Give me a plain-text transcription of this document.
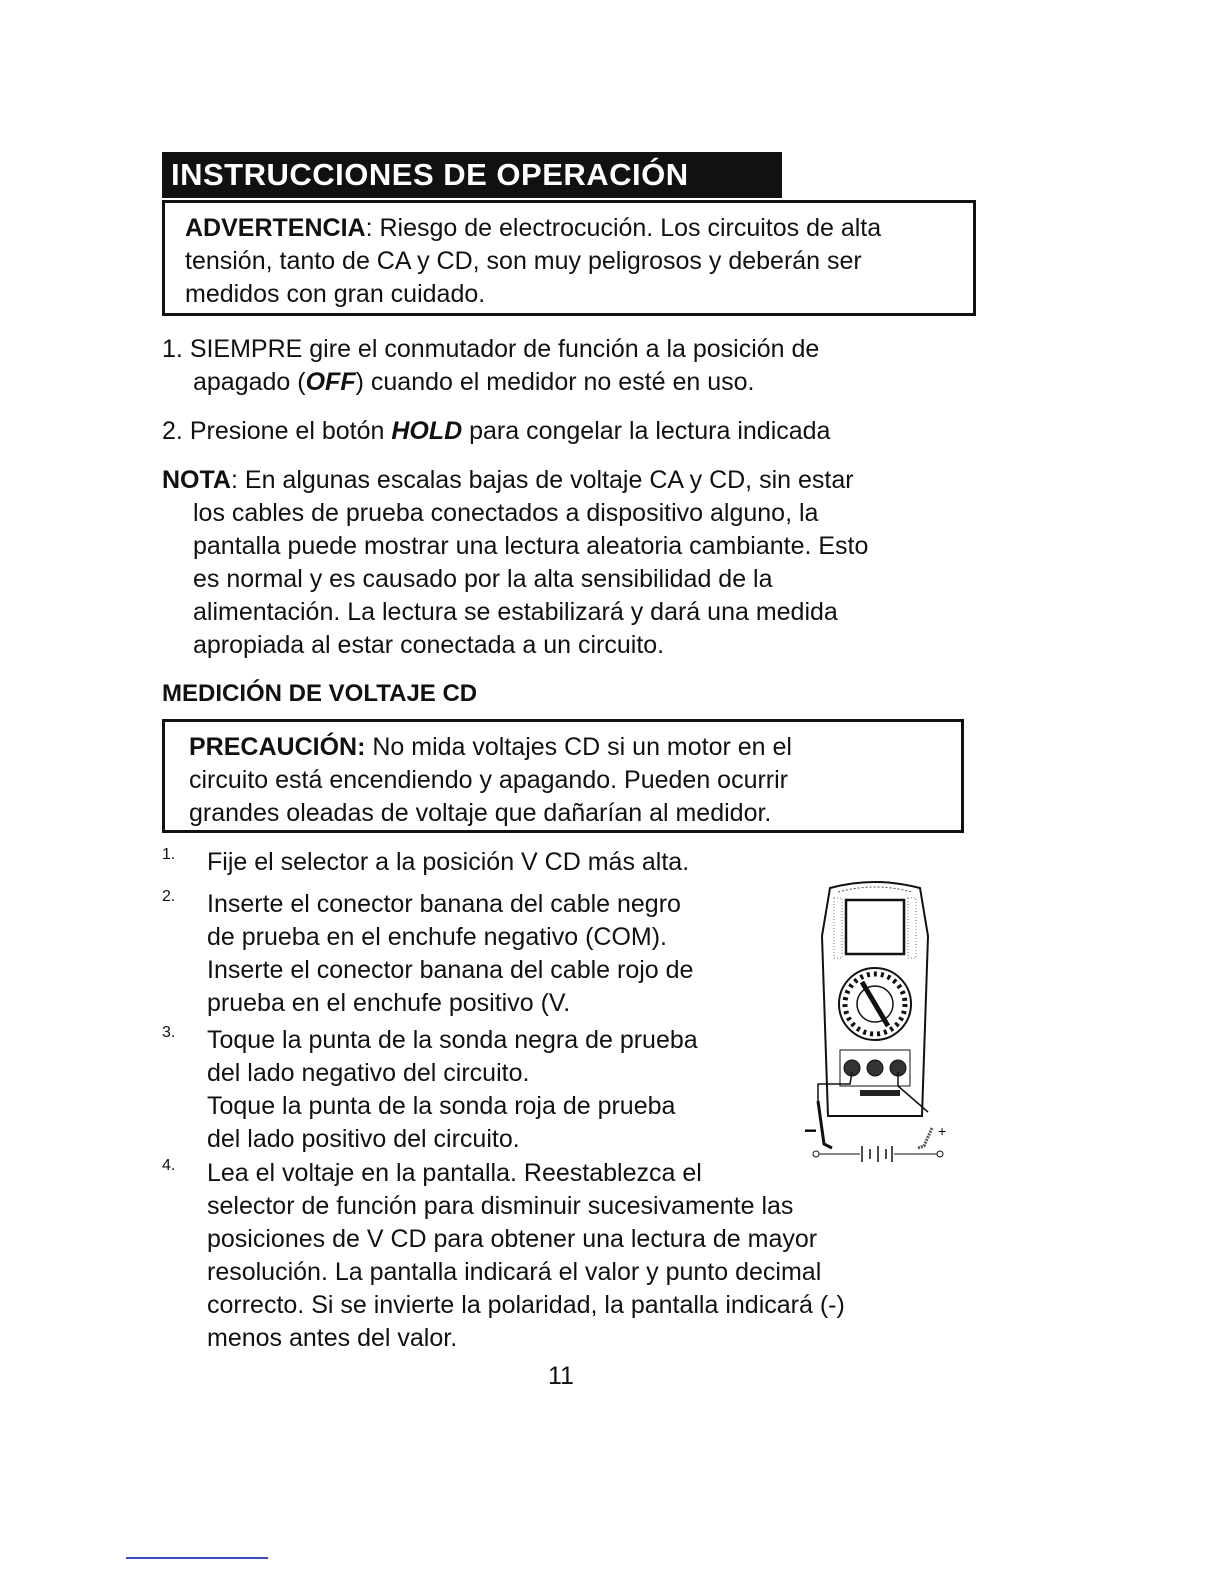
INSTRUCCIONES DE OPERACIÓN
ADVERTENCIA: Riesgo de electrocución. Los circuitos de alta
tensión, tanto de CA y CD, son muy peligrosos y deberán ser
medidos con gran cuidado.
1. SIEMPRE gire el conmutador de función a la posición de
apagado (OFF) cuando el medidor no esté en uso.
2. Presione el botón HOLD para congelar la lectura indicada
NOTA: En algunas escalas bajas de voltaje CA y CD, sin estar
los cables de prueba conectados a dispositivo alguno, la
pantalla puede mostrar una lectura aleatoria cambiante. Esto
es normal y es causado por la alta sensibilidad de la
alimentación. La lectura se estabilizará y dará una medida
apropiada al estar conectada a un circuito.
MEDICIÓN DE VOLTAJE CD
PRECAUCIÓN: No mida voltajes CD si un motor en el
circuito está encendiendo y apagando. Pueden ocurrir
grandes oleadas de voltaje que dañarían al medidor.
1. Fije el selector a la posición V CD más alta.
2. Inserte el conector banana del cable negro
de prueba en el enchufe negativo (COM).
Inserte el conector banana del cable rojo de
prueba en el enchufe positivo (V.
3. Toque la punta de la sonda negra de prueba
del lado negativo del circuito.
Toque la punta de la sonda roja de prueba
del lado positivo del circuito.
4. Lea el voltaje en la pantalla. Reestablezca el
selector de función para disminuir sucesivamente las
posiciones de V CD para obtener una lectura de mayor
resolución. La pantalla indicará el valor y punto decimal
correcto. Si se invierte la polaridad, la pantalla indicará (-)
menos antes del valor.
−	+
11
